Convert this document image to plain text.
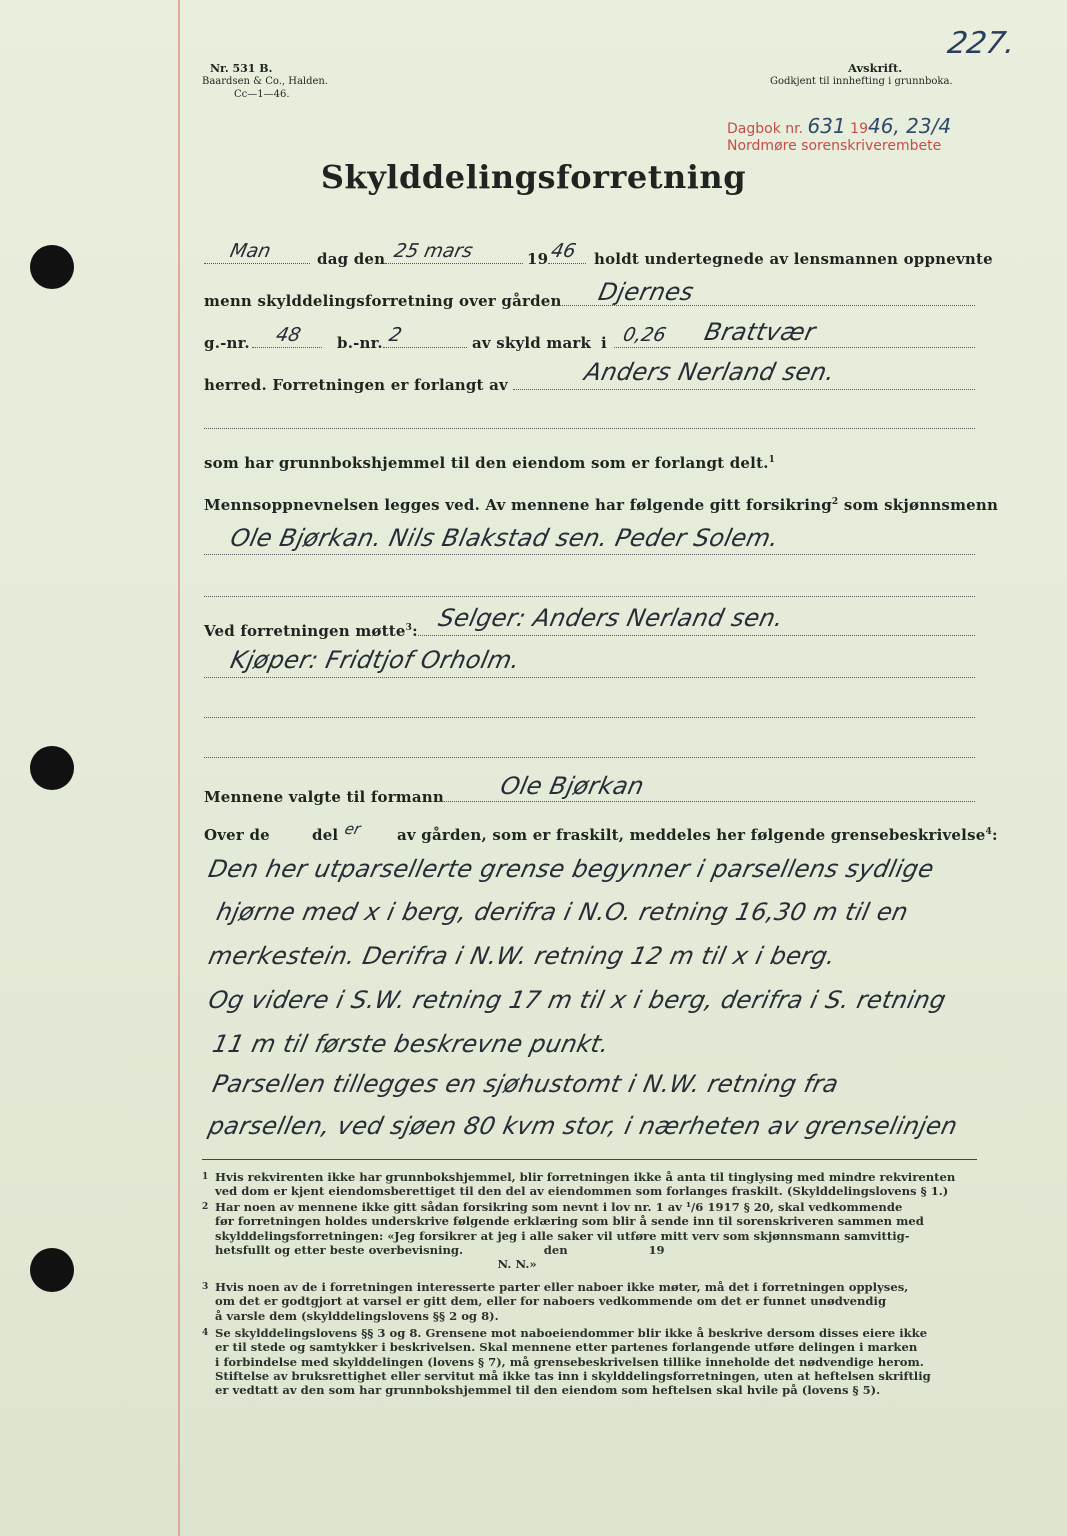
Nr. 531 B.
Baardsen & Co., Halden.
Cc—1—46.
Avskrift.
Godkjent til innhefting i grunnboka.
227.
Dagbok nr. 631 1946, 23/4
Nordmøre sorenskriverembete
Skylddelingsforretning
Man	dag den 25 mars	19 46 holdt undertegnede av lensmannen oppnevnte
menn skylddelingsforretning over gården Djernes
g.-nr. 48 b.-nr. 2	av skyld mark i 0,26 Brattvær
herred. Forretningen er forlangt av	Anders Nerland sen.
som har grunnbokshjemmel til den eiendom som er forlangt delt.$^1$
Mennsoppnevnelsen legges ved. Av mennene har følgende gitt forsikring$^2$ som skjønnsmenn
Ole Bjørkan. Nils Blakstad sen. Peder Solem.
Ved forretningen møtte$^3$: Selger: Anders Nerland sen.
Kjøper: Fridtjof Orholm.
Mennene valgte til formann Ole Bjørkan
Over de	del er av gården, som er fraskilt, meddeles her følgende grensebeskrivelse$^4$:
Den her utparsellerte grense begynner i parsellens sydlige
hjørne med x i berg, derifra i N.O. retning 16,30 m til en
merkestein. Derifra i N.W. retning 12 m til x i berg.
Og videre i S.W. retning 17 m til x i berg, derifra i S. retning
11 m til første beskrevne punkt.
Parsellen tillegges en sjøhustomt i N.W. retning fra
parsellen, ved sjøen 80 kvm stor, i nærheten av grenselinjen
1 Hvis rekvirenten ikke har grunnbokshjemmel, blir forretningen ikke å anta til tinglysing med mindre rekvirenten
ved dom er kjent eiendomsberettiget til den del av eiendommen som forlanges fraskilt. (Skylddelingslovens § 1.)
2 Har noen av mennene ikke gitt sådan forsikring som nevnt i lov nr. 1 av ¹/6 1917 § 20, skal vedkommende
før forretningen holdes underskrive følgende erklæring som blir å sende inn til sorenskriveren sammen med
skylddelingsforretningen: «Jeg forsikrer at jeg i alle saker vil utføre mitt verv som skjønnsmann samvittig-
hetsfullt og etter beste overbevisning.                    den                    19
N. N.»
3 Hvis noen av de i forretningen interesserte parter eller naboer ikke møter, må det i forretningen opplyses,
om det er godtgjort at varsel er gitt dem, eller for naboers vedkommende om det er funnet unødvendig
å varsle dem (skylddelingslovens §§ 2 og 8).
4 Se skylddelingslovens §§ 3 og 8. Grensene mot naboeiendommer blir ikke å beskrive dersom disses eiere ikke
er til stede og samtykker i beskrivelsen. Skal mennene etter partenes forlangende utføre delingen i marken
i forbindelse med skylddelingen (lovens § 7), må grensebeskrivelsen tillike inneholde det nødvendige herom.
Stiftelse av bruksrettighet eller servitut må ikke tas inn i skylddelingsforretningen, uten at heftelsen skriftlig
er vedtatt av den som har grunnbokshjemmel til den eiendom som heftelsen skal hvile på (lovens § 5).
